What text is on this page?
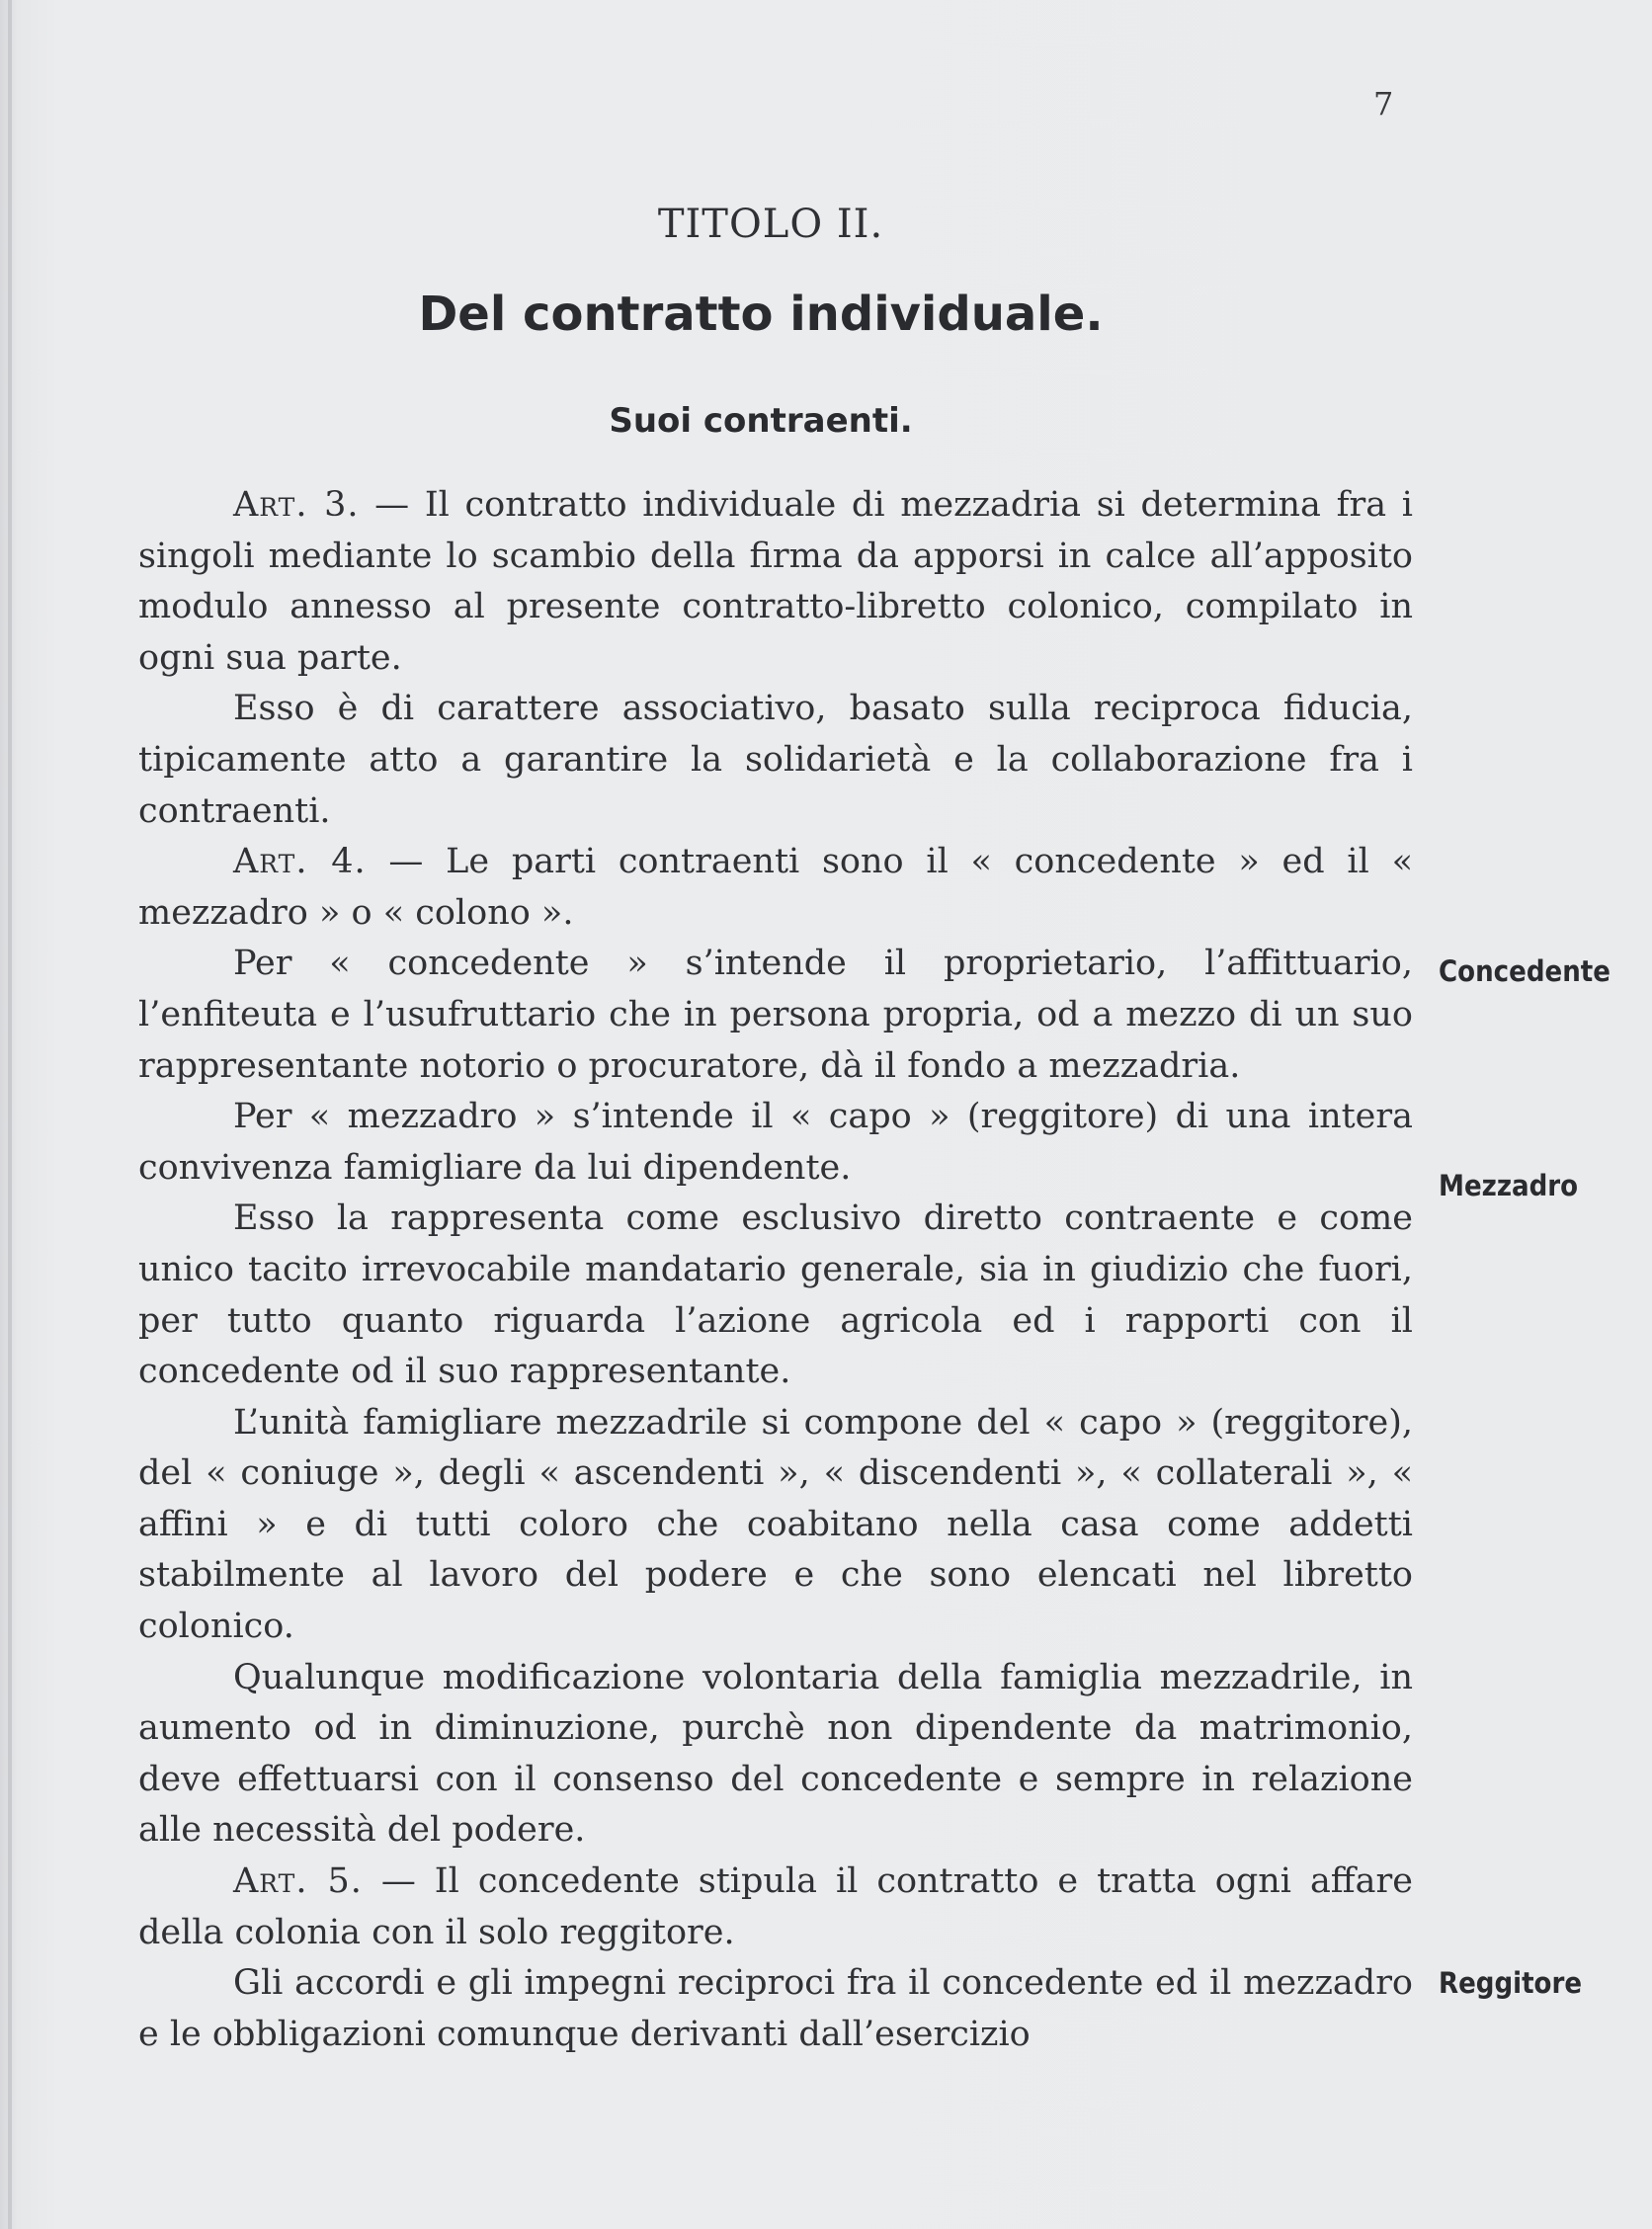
7
TITOLO II.
Del contratto individuale.
Suoi contraenti.

Art. 3. — Il contratto individuale di mezzadria si determina fra i singoli mediante lo scambio della firma da apporsi in calce all’apposito modulo annesso al presente contratto-libretto colonico, compilato in ogni sua parte.

Esso è di carattere associativo, basato sulla reciproca fiducia, tipicamente atto a garantire la solidarietà e la collaborazione fra i contraenti.

Art. 4. — Le parti contraenti sono il « concedente » ed il « mezzadro » o « colono ».

Per « concedente » s’intende il proprietario, l’affittuario, l’enfiteuta e l’usufruttario che in persona propria, od a mezzo di un suo rappresentante notorio o procuratore, dà il fondo a mezzadria.

Per « mezzadro » s’intende il « capo » (reggitore) di una intera convivenza famigliare da lui dipendente.

Esso la rappresenta come esclusivo diretto contraente e come unico tacito irrevocabile mandatario generale, sia in giudizio che fuori, per tutto quanto riguarda l’azione agricola ed i rapporti con il concedente od il suo rappresentante.

L’unità famigliare mezzadrile si compone del « capo » (reggitore), del « coniuge », degli « ascendenti », « discendenti », « collaterali », « affini » e di tutti coloro che coabitano nella casa come addetti stabilmente al lavoro del podere e che sono elencati nel libretto colonico.

Qualunque modificazione volontaria della famiglia mezzadrile, in aumento od in diminuzione, purchè non dipendente da matrimonio, deve effettuarsi con il consenso del concedente e sempre in relazione alle necessità del podere.

Art. 5. — Il concedente stipula il contratto e tratta ogni affare della colonia con il solo reggitore.

Gli accordi e gli impegni reciproci fra il concedente ed il mezzadro e le obbligazioni comunque derivanti dall’esercizio

Concedente
Mezzadro
Reggitore
